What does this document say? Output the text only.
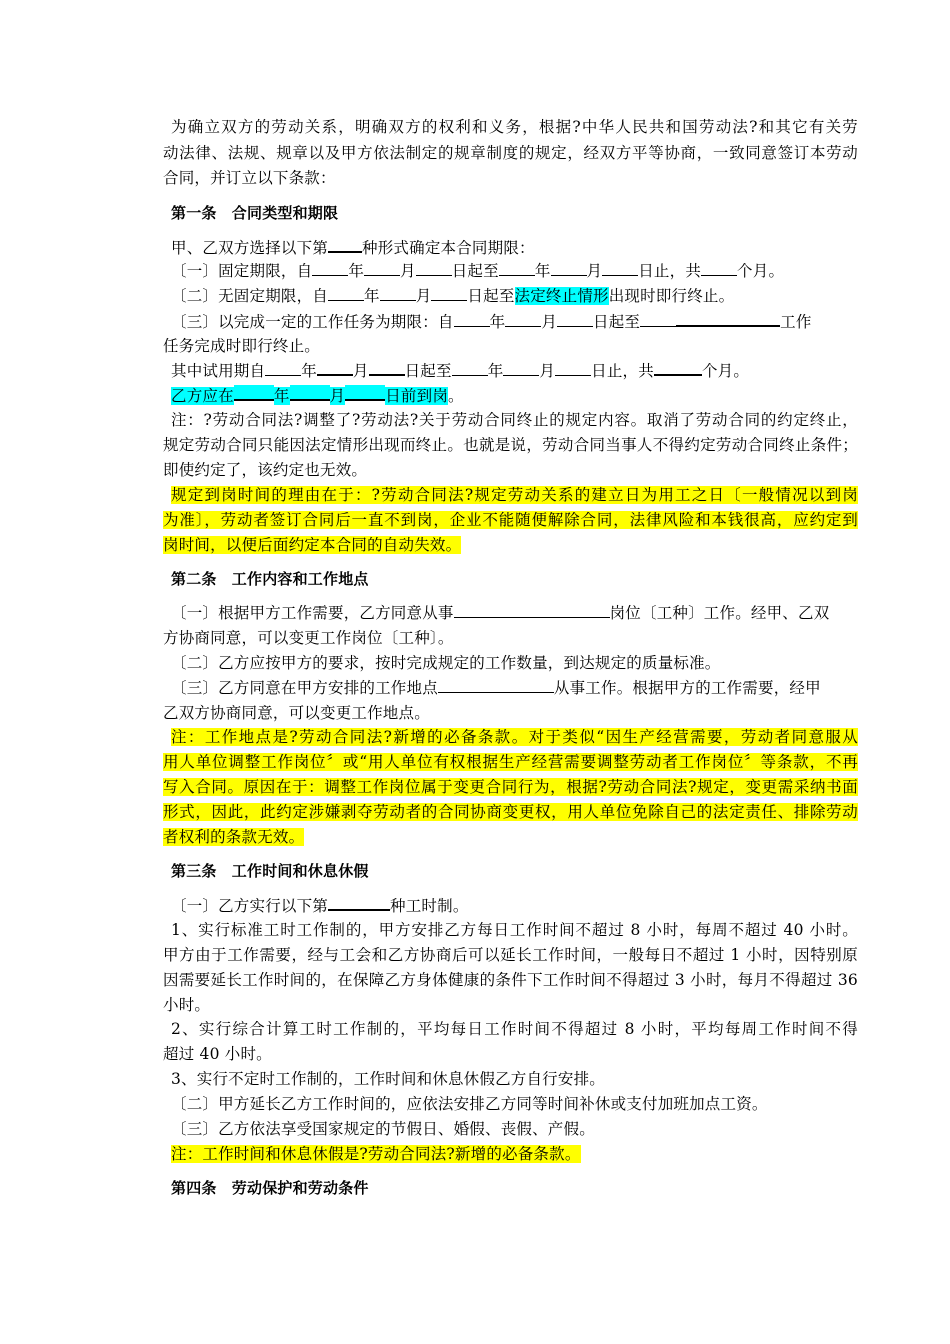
为确立双方的劳动关系，明确双方的权利和义务，根据?中华人民共和国劳动法?和其它有关劳
动法律、法规、规章以及甲方依法制定的规章制度的规定，经双方平等协商，一致同意签订本劳动
合同，并订立以下条款：
第一条　合同类型和期限
甲、乙双方选择以下第 种形式确定本合同期限：
〔一〕固定期限，自 年 月 日起至 年 月 日止，共 个月。
〔二〕无固定期限，自 年 月 日起至法定终止情形出现时即行终止。
〔三〕以完成一定的工作任务为期限：自 年 月 日起至	工作
任务完成时即行终止。
其中试用期自 年 月 日起至 年 月 日止，共	个月。
乙方应在	年	月	日前到岗。
注：?劳动合同法?调整了?劳动法?关于劳动合同终止的规定内容。取消了劳动合同的约定终止，
规定劳动合同只能因法定情形出现而终止。也就是说，劳动合同当事人不得约定劳动合同终止条件；
即使约定了，该约定也无效。
规定到岗时间的理由在于：?劳动合同法?规定劳动关系的建立日为用工之日〔一般情况以到岗
为准〕，劳动者签订合同后一直不到岗，企业不能随便解除合同，法律风险和本钱很高，应约定到
岗时间，以便后面约定本合同的自动失效。
第二条　工作内容和工作地点
〔一〕根据甲方工作需要，乙方同意从事	岗位〔工种〕工作。经甲、乙双
方协商同意，可以变更工作岗位〔工种〕。
〔二〕乙方应按甲方的要求，按时完成规定的工作数量，到达规定的质量标准。
〔三〕乙方同意在甲方安排的工作地点	从事工作。根据甲方的工作需要，经甲
乙双方协商同意，可以变更工作地点。
注：工作地点是?劳动合同法?新增的必备条款。对于类似“因生产经营需要，劳动者同意服从
用人单位调整工作岗位〞或“用人单位有权根据生产经营需要调整劳动者工作岗位〞等条款，不再
写入合同。原因在于：调整工作岗位属于变更合同行为，根据?劳动合同法?规定，变更需采纳书面
形式，因此，此约定涉嫌剥夺劳动者的合同协商变更权，用人单位免除自己的法定责任、排除劳动
者权利的条款无效。
第三条　工作时间和休息休假
〔一〕乙方实行以下第	种工时制。
1、实行标准工时工作制的，甲方安排乙方每日工作时间不超过 8 小时，每周不超过 40 小时。
甲方由于工作需要，经与工会和乙方协商后可以延长工作时间，一般每日不超过 1 小时，因特别原
因需要延长工作时间的，在保障乙方身体健康的条件下工作时间不得超过 3 小时，每月不得超过 36
小时。
2、实行综合计算工时工作制的，平均每日工作时间不得超过 8 小时，平均每周工作时间不得
超过 40 小时。
3、实行不定时工作制的，工作时间和休息休假乙方自行安排。
〔二〕甲方延长乙方工作时间的，应依法安排乙方同等时间补休或支付加班加点工资。
〔三〕乙方依法享受国家规定的节假日、婚假、丧假、产假。
注：工作时间和休息休假是?劳动合同法?新增的必备条款。
第四条　劳动保护和劳动条件
